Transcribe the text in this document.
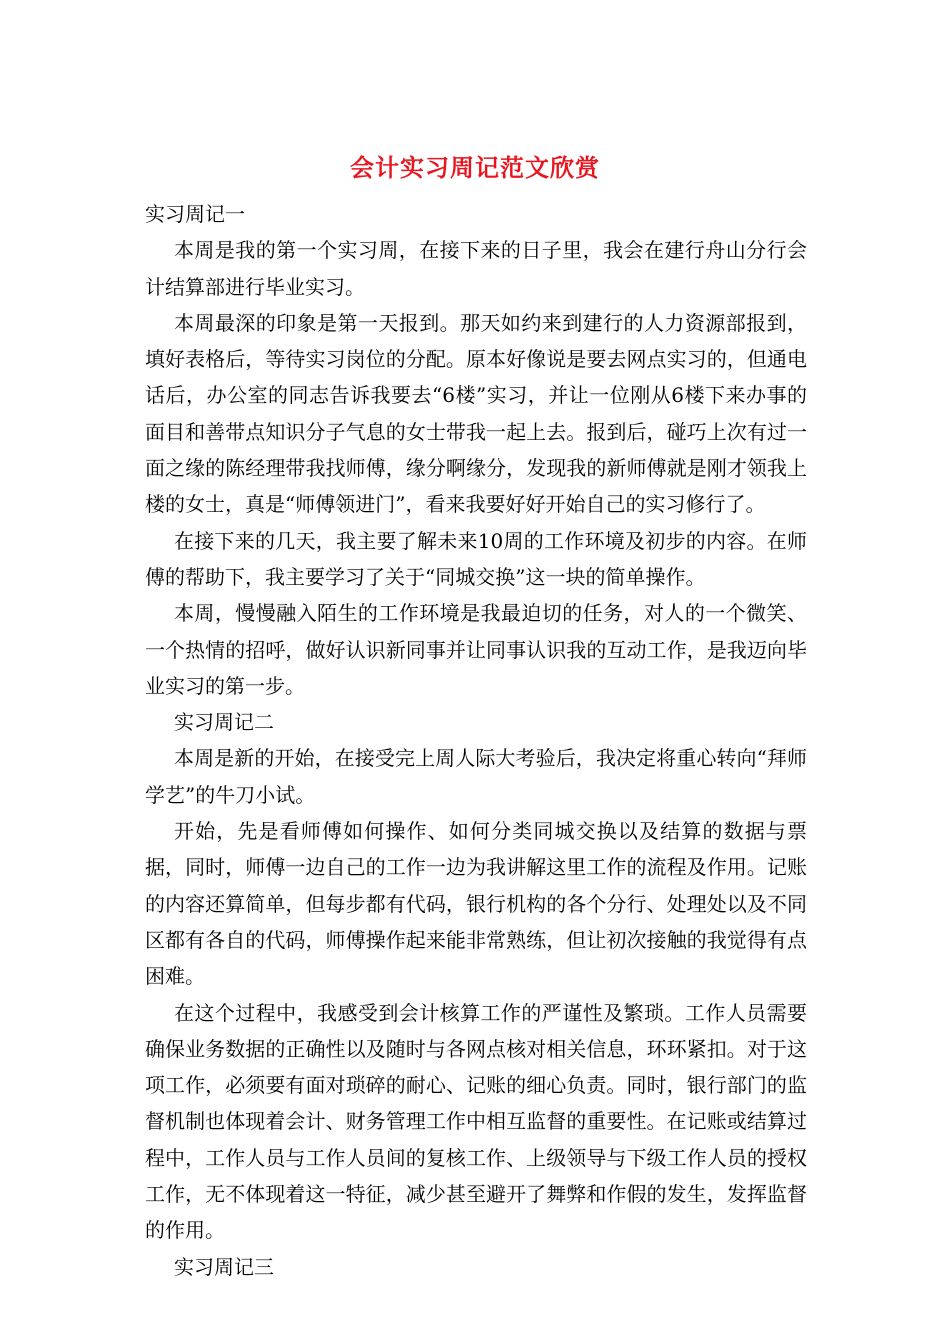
会计实习周记范文欣赏

实习周记一

本周是我的第一个实习周，在接下来的日子里，我会在建行舟山分行会计结算部进行毕业实习。

本周最深的印象是第一天报到。那天如约来到建行的人力资源部报到，填好表格后，等待实习岗位的分配。原本好像说是要去网点实习的，但通电话后，办公室的同志告诉我要去“6楼”实习，并让一位刚从6楼下来办事的面目和善带点知识分子气息的女士带我一起上去。报到后，碰巧上次有过一面之缘的陈经理带我找师傅，缘分啊缘分，发现我的新师傅就是刚才领我上楼的女士，真是“师傅领进门”，看来我要好好开始自己的实习修行了。

在接下来的几天，我主要了解未来10周的工作环境及初步的内容。在师傅的帮助下，我主要学习了关于“同城交换”这一块的简单操作。

本周，慢慢融入陌生的工作环境是我最迫切的任务，对人的一个微笑、一个热情的招呼，做好认识新同事并让同事认识我的互动工作，是我迈向毕业实习的第一步。

实习周记二

本周是新的开始，在接受完上周人际大考验后，我决定将重心转向“拜师学艺”的牛刀小试。

开始，先是看师傅如何操作、如何分类同城交换以及结算的数据与票据，同时，师傅一边自己的工作一边为我讲解这里工作的流程及作用。记账的内容还算简单，但每步都有代码，银行机构的各个分行、处理处以及不同区都有各自的代码，师傅操作起来能非常熟练，但让初次接触的我觉得有点困难。

在这个过程中，我感受到会计核算工作的严谨性及繁琐。工作人员需要确保业务数据的正确性以及随时与各网点核对相关信息，环环紧扣。对于这项工作，必须要有面对琐碎的耐心、记账的细心负责。同时，银行部门的监督机制也体现着会计、财务管理工作中相互监督的重要性。在记账或结算过程中，工作人员与工作人员间的复核工作、上级领导与下级工作人员的授权工作，无不体现着这一特征，减少甚至避开了舞弊和作假的发生，发挥监督的作用。

实习周记三
